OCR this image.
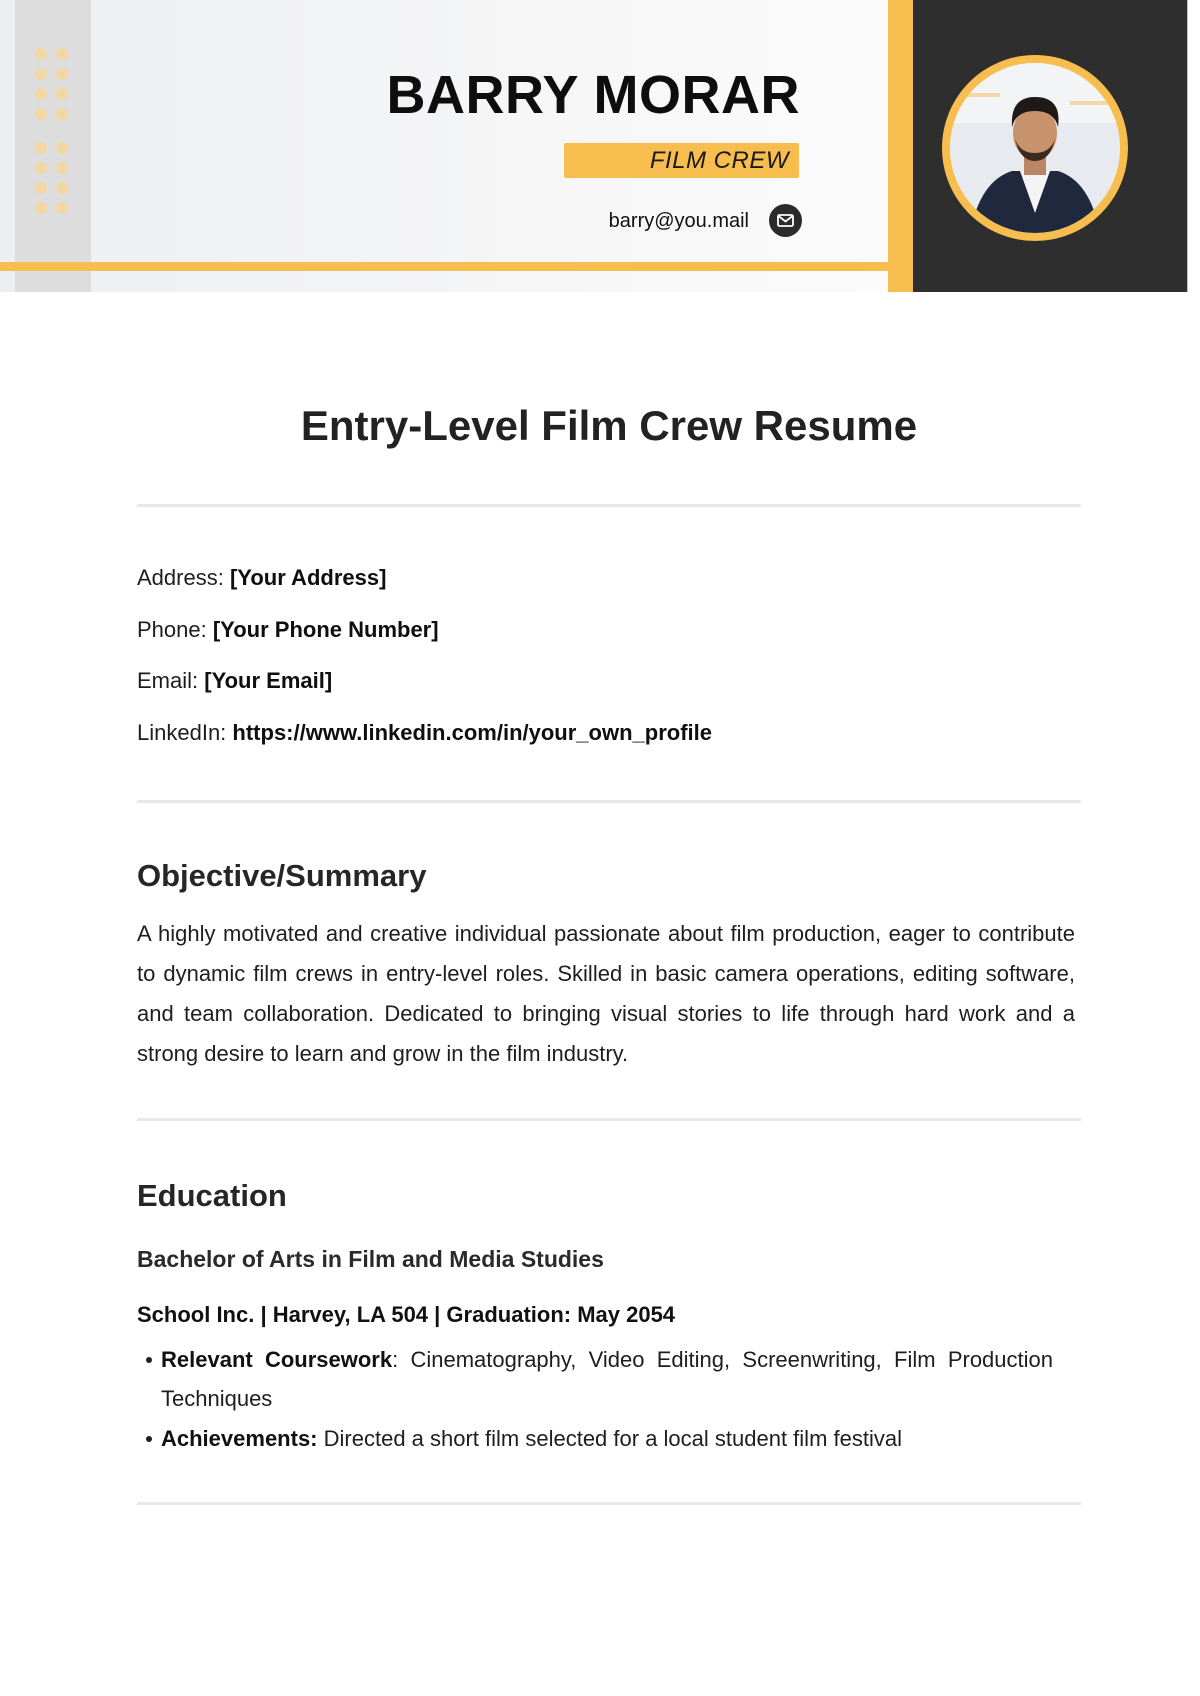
BARRY MORAR
FILM CREW
barry@you.mail
Entry-Level Film Crew Resume
Address: [Your Address]
Phone: [Your Phone Number]
Email: [Your Email]
LinkedIn: https://www.linkedin.com/in/your_own_profile
Objective/Summary
A highly motivated and creative individual passionate about film production, eager to contribute to dynamic film crews in entry-level roles. Skilled in basic camera operations, editing software, and team collaboration. Dedicated to bringing visual stories to life through hard work and a strong desire to learn and grow in the film industry.
Education
Bachelor of Arts in Film and Media Studies
School Inc. | Harvey, LA 504 | Graduation: May 2054
Relevant Coursework: Cinematography, Video Editing, Screenwriting, Film Production Techniques
Achievements: Directed a short film selected for a local student film festival
